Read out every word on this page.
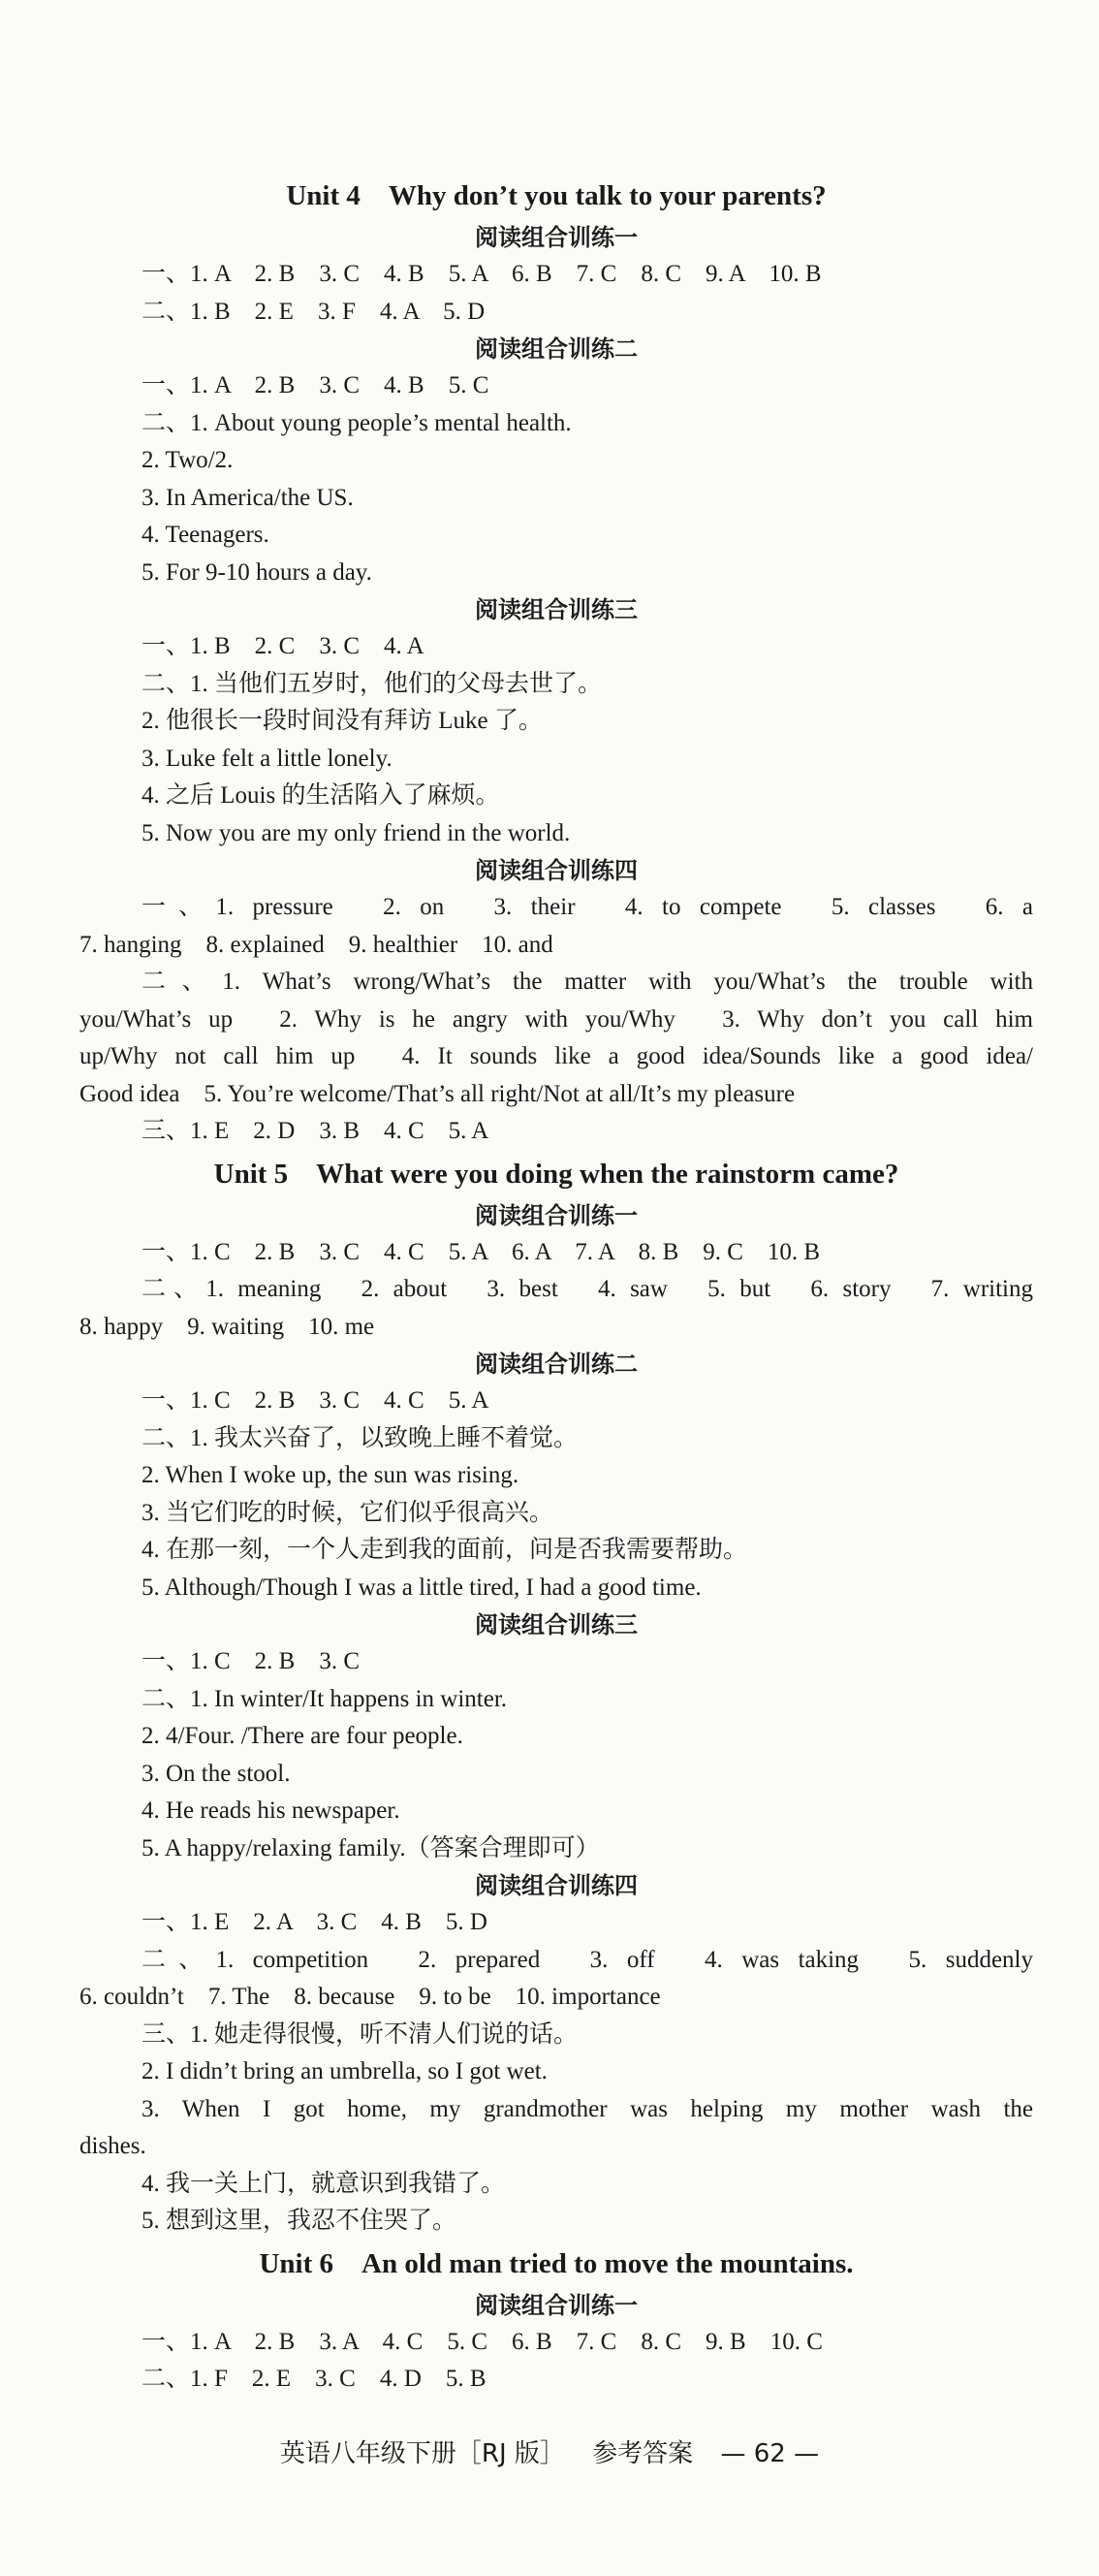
Unit 4　Why don’t you talk to your parents?
阅读组合训练一
一、1. A　2. B　3. C　4. B　5. A　6. B　7. C　8. C　9. A　10. B
二、1. B　2. E　3. F　4. A　5. D
阅读组合训练二
一、1. A　2. B　3. C　4. B　5. C
二、1. About young people’s mental health.
2. Two/2.
3. In America/the US.
4. Teenagers.
5. For 9-10 hours a day.
阅读组合训练三
一、1. B　2. C　3. C　4. A
二、1. 当他们五岁时，他们的父母去世了。
2. 他很长一段时间没有拜访 Luke 了。
3. Luke felt a little lonely.
4. 之后 Louis 的生活陷入了麻烦。
5. Now you are my only friend in the world.
阅读组合训练四
一、1. pressure　2. on　3. their　4. to compete　5. classes　6. a
7. hanging　8. explained　9. healthier　10. and
二、1. What’s wrong/What’s the matter with you/What’s the trouble with
you/What’s up　2. Why is he angry with you/Why　3. Why don’t you call him
up/Why not call him up　4. It sounds like a good idea/Sounds like a good idea/
Good idea　5. You’re welcome/That’s all right/Not at all/It’s my pleasure
三、1. E　2. D　3. B　4. C　5. A
Unit 5　What were you doing when the rainstorm came?
阅读组合训练一
一、1. C　2. B　3. C　4. C　5. A　6. A　7. A　8. B　9. C　10. B
二、1. meaning　2. about　3. best　4. saw　5. but　6. story　7. writing
8. happy　9. waiting　10. me
阅读组合训练二
一、1. C　2. B　3. C　4. C　5. A
二、1. 我太兴奋了，以致晚上睡不着觉。
2. When I woke up, the sun was rising.
3. 当它们吃的时候，它们似乎很高兴。
4. 在那一刻，一个人走到我的面前，问是否我需要帮助。
5. Although/Though I was a little tired, I had a good time.
阅读组合训练三
一、1. C　2. B　3. C
二、1. In winter/It happens in winter.
2. 4/Four. /There are four people.
3. On the stool.
4. He reads his newspaper.
5. A happy/relaxing family.（答案合理即可）
阅读组合训练四
一、1. E　2. A　3. C　4. B　5. D
二、1. competition　2. prepared　3. off　4. was taking　5. suddenly
6. couldn’t　7. The　8. because　9. to be　10. importance
三、1. 她走得很慢，听不清人们说的话。
2. I didn’t bring an umbrella, so I got wet.
3. When I got home, my grandmother was helping my mother wash the
dishes.
4. 我一关上门，就意识到我错了。
5. 想到这里，我忍不住哭了。
Unit 6　An old man tried to move the mountains.
阅读组合训练一
一、1. A　2. B　3. A　4. C　5. C　6. B　7. C　8. C　9. B　10. C
二、1. F　2. E　3. C　4. D　5. B
英语八年级下册［RJ 版］ 参考答案 — 62 —
